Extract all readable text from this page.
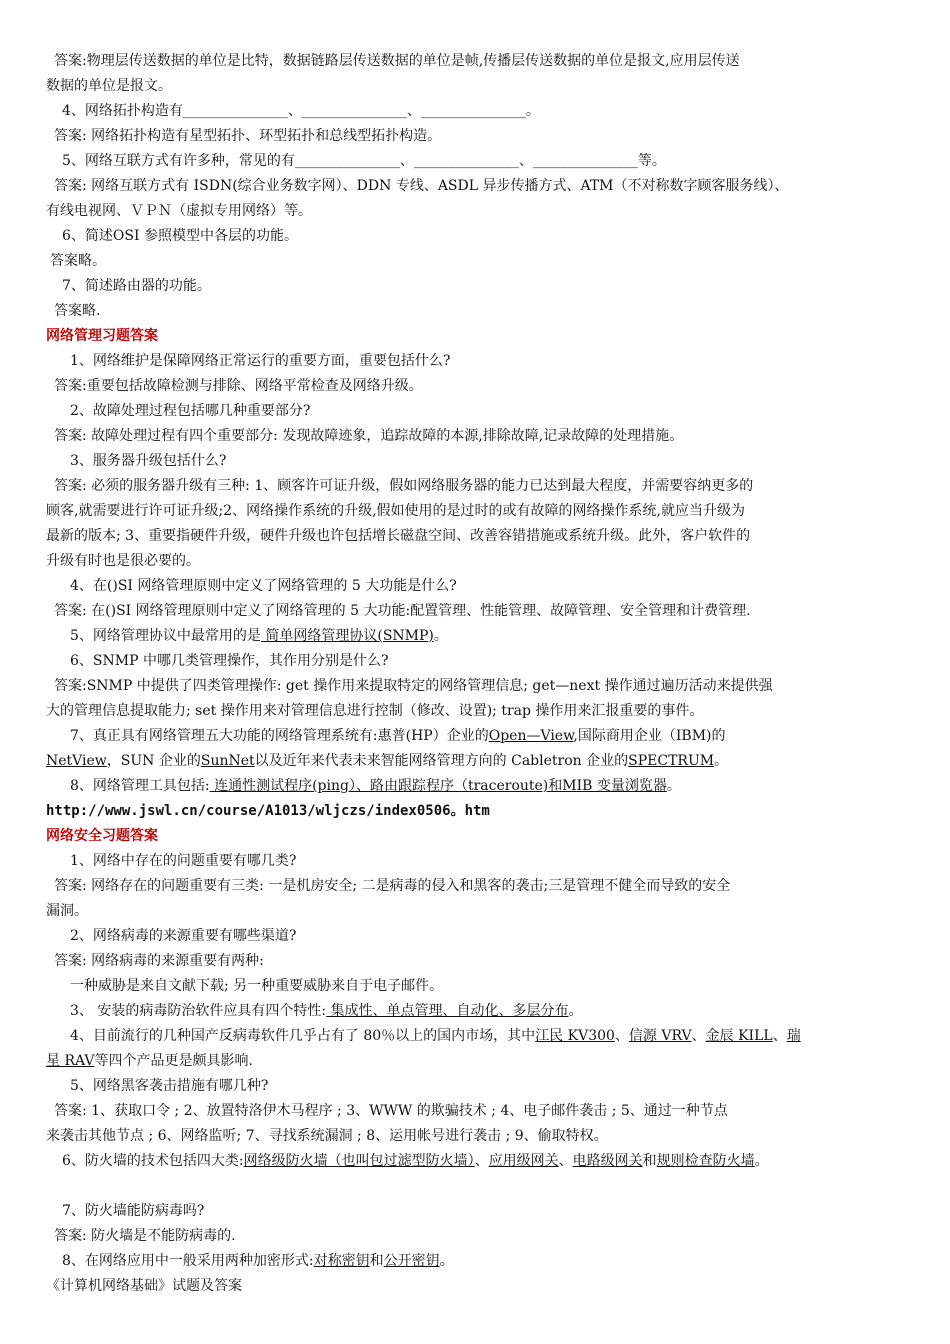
答案:物理层传送数据的单位是比特，数据链路层传送数据的单位是帧,传播层传送数据的单位是报文,应用层传送
数据的单位是报文。
4、网络拓扑构造有_______________、_______________、_______________。
答案: 网络拓扑构造有星型拓扑、环型拓扑和总线型拓扑构造。
5、网络互联方式有许多种，常见的有_______________、_______________、_______________等。
答案: 网络互联方式有 ISDN(综合业务数字网）、DDN 专线、ASDL 异步传播方式、ATM（不对称数字顾客服务线）、
有线电视网、ＶＰＮ（虚拟专用网络）等。
6、简述OSI 参照模型中各层的功能。
答案略。
7、简述路由器的功能。
答案略.
网络管理习题答案
1、网络维护是保障网络正常运行的重要方面，重要包括什么?
答案:重要包括故障检测与排除、网络平常检查及网络升级。
2、故障处理过程包括哪几种重要部分?
答案: 故障处理过程有四个重要部分: 发现故障迹象，追踪故障的本源,排除故障,记录故障的处理措施。
3、服务器升级包括什么?
答案: 必须的服务器升级有三种: 1、顾客许可证升级，假如网络服务器的能力已达到最大程度，并需要容纳更多的
顾客,就需要进行许可证升级;2、网络操作系统的升级,假如使用的是过时的或有故障的网络操作系统,就应当升级为
最新的版本; 3、重要指硬件升级，硬件升级也许包括增长磁盘空间、改善容错措施或系统升级。此外，客户软件的
升级有时也是很必要的。
4、在()SI 网络管理原则中定义了网络管理的 5 大功能是什么?
答案: 在()SI 网络管理原则中定义了网络管理的 5 大功能:配置管理、性能管理、故障管理、安全管理和计费管理.
5、网络管理协议中最常用的是 简单网络管理协议(SNMP)。
6、SNMP 中哪几类管理操作，其作用分别是什么?
答案:SNMP 中提供了四类管理操作: get 操作用来提取特定的网络管理信息; get—next 操作通过遍历活动来提供强
大的管理信息提取能力; set 操作用来对管理信息进行控制（修改、设置); trap 操作用来汇报重要的事件。
7、真正具有网络管理五大功能的网络管理系统有:惠普(HP）企业的Open—View,国际商用企业（IBM)的
NetView，SUN 企业的SunNet以及近年来代表未来智能网络管理方向的 Cabletron 企业的SPECTRUM。
8、网络管理工具包括: 连通性测试程序(ping）、路由跟踪程序（traceroute)和MIB 变量浏览器。
http://www.jswl.cn/course/A1013/wljczs/index0506。htm
网络安全习题答案
1、网络中存在的问题重要有哪几类?
答案: 网络存在的问题重要有三类: 一是机房安全; 二是病毒的侵入和黑客的袭击;三是管理不健全而导致的安全
漏洞。
2、网络病毒的来源重要有哪些渠道?
答案: 网络病毒的来源重要有两种:
一种威胁是来自文献下载; 另一种重要威胁来自于电子邮件。
3、 安装的病毒防治软件应具有四个特性: 集成性、单点管理、自动化、多层分布。
4、目前流行的几种国产反病毒软件几乎占有了 80％以上的国内市场，其中江民 KV300、信源 VRV、金辰 KILL、瑞
星 RAV等四个产品更是颇具影响.
5、网络黑客袭击措施有哪几种?
答案: 1、获取口令 ; 2、放置特洛伊木马程序 ; 3、WWW 的欺骗技术 ; 4、电子邮件袭击 ; 5、通过一种节点
来袭击其他节点 ; 6、网络监听; 7、寻找系统漏洞 ; 8、运用帐号进行袭击 ; 9、偷取特权。
6、防火墙的技术包括四大类:网络级防火墙（也叫包过滤型防火墙）、应用级网关、电路级网关和规则检查防火墙。
7、防火墙能防病毒吗?
答案: 防火墙是不能防病毒的.
8、在网络应用中一般采用两种加密形式:对称密钥和公开密钥。
《计算机网络基础》试题及答案
